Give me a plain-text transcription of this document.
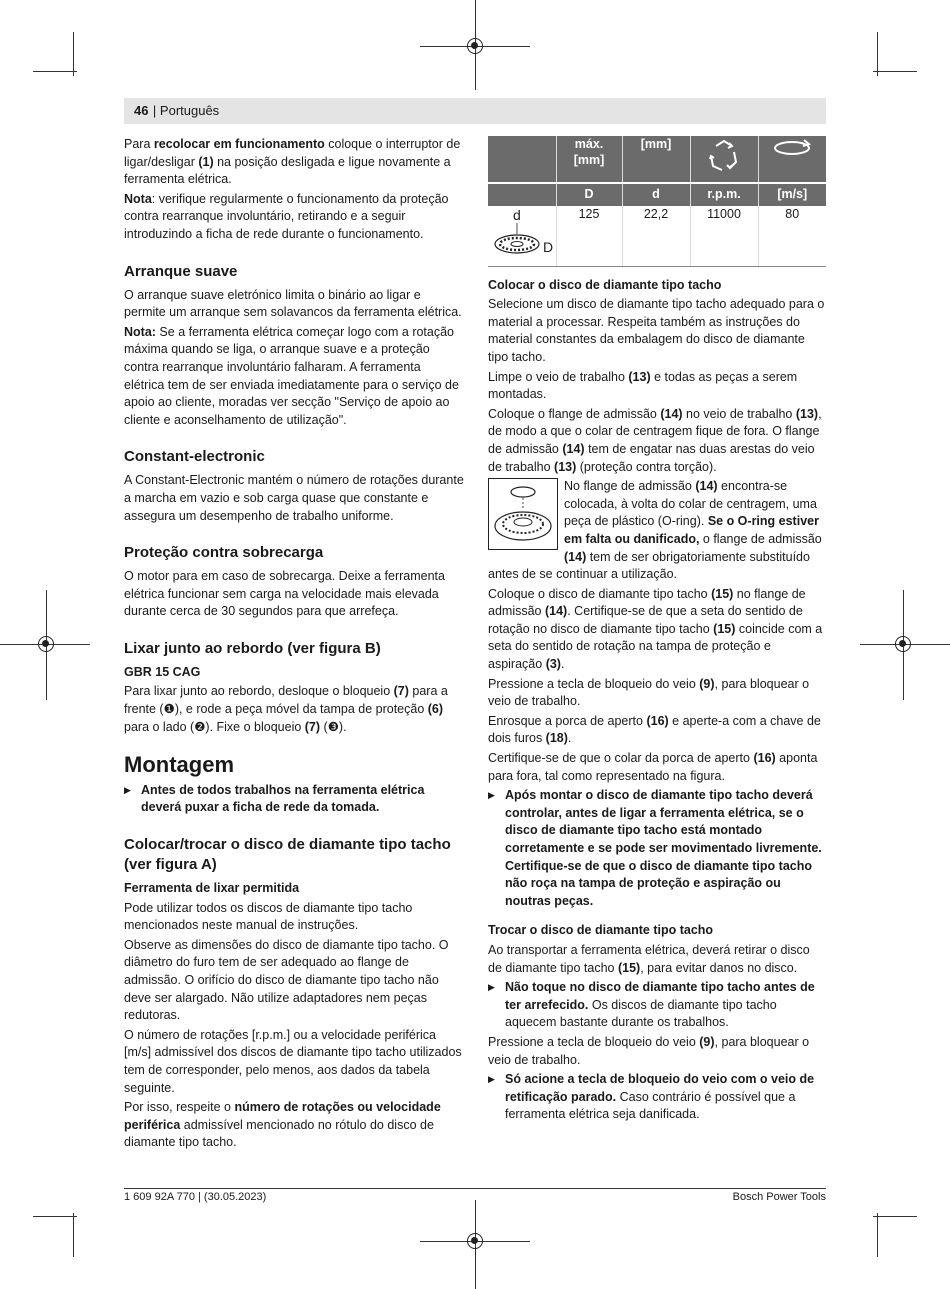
46 | Português

Para recolocar em funcionamento coloque o interruptor de ligar/desligar (1) na posição desligada e ligue novamente a ferramenta elétrica.

Nota: verifique regularmente o funcionamento da proteção contra rearranque involuntário, retirando e a seguir introduzindo a ficha de rede durante o funcionamento.

Arranque suave

O arranque suave eletrónico limita o binário ao ligar e permite um arranque sem solavancos da ferramenta elétrica.

Nota: Se a ferramenta elétrica começar logo com a rotação máxima quando se liga, o arranque suave e a proteção contra rearranque involuntário falharam. A ferramenta elétrica tem de ser enviada imediatamente para o serviço de apoio ao cliente, moradas ver secção "Serviço de apoio ao cliente e aconselhamento de utilização".

Constant-electronic

A Constant-Electronic mantém o número de rotações durante a marcha em vazio e sob carga quase que constante e assegura um desempenho de trabalho uniforme.

Proteção contra sobrecarga

O motor para em caso de sobrecarga. Deixe a ferramenta elétrica funcionar sem carga na velocidade mais elevada durante cerca de 30 segundos para que arrefeça.

Lixar junto ao rebordo (ver figura B)
GBR 15 CAG

Para lixar junto ao rebordo, desloque o bloqueio (7) para a frente (❶), e rode a peça móvel da tampa de proteção (6) para o lado (❷). Fixe o bloqueio (7) (❸).

Montagem

▶ Antes de todos trabalhos na ferramenta elétrica deverá puxar a ficha de rede da tomada.

Colocar/trocar o disco de diamante tipo tacho (ver figura A)
Ferramenta de lixar permitida

Pode utilizar todos os discos de diamante tipo tacho mencionados neste manual de instruções.

Observe as dimensões do disco de diamante tipo tacho. O diâmetro do furo tem de ser adequado ao flange de admissão. O orifício do disco de diamante tipo tacho não deve ser alargado. Não utilize adaptadores nem peças redutoras.

O número de rotações [r.p.m.] ou a velocidade periférica [m/s] admissível dos discos de diamante tipo tacho utilizados tem de corresponder, pelo menos, aos dados da tabela seguinte.

Por isso, respeite o número de rotações ou velocidade periférica admissível mencionado no rótulo do disco de diamante tipo tacho.

	máx. [mm]	[mm]		
	D	d	r.p.m.	[m/s]

d
D	125	22,2	11000	80
Colocar o disco de diamante tipo tacho

Selecione um disco de diamante tipo tacho adequado para o material a processar. Respeita também as instruções do material constantes da embalagem do disco de diamante tipo tacho.

Limpe o veio de trabalho (13) e todas as peças a serem montadas.

Coloque o flange de admissão (14) no veio de trabalho (13), de modo a que o colar de centragem fique de fora. O flange de admissão (14) tem de engatar nas duas arestas do veio de trabalho (13) (proteção contra torção).

No flange de admissão (14) encontra-se colocada, à volta do colar de centragem, uma peça de plástico (O-ring). Se o O-ring estiver em falta ou danificado, o flange de admissão (14) tem de ser obrigatoriamente substituído antes de se continuar a utilização.

Coloque o disco de diamante tipo tacho (15) no flange de admissão (14). Certifique-se de que a seta do sentido de rotação no disco de diamante tipo tacho (15) coincide com a seta do sentido de rotação na tampa de proteção e aspiração (3).

Pressione a tecla de bloqueio do veio (9), para bloquear o veio de trabalho.

Enrosque a porca de aperto (16) e aperte-a com a chave de dois furos (18).

Certifique-se de que o colar da porca de aperto (16) aponta para fora, tal como representado na figura.

▶ Após montar o disco de diamante tipo tacho deverá controlar, antes de ligar a ferramenta elétrica, se o disco de diamante tipo tacho está montado corretamente e se pode ser movimentado livremente. Certifique-se de que o disco de diamante tipo tacho não roça na tampa de proteção e aspiração ou noutras peças.

Trocar o disco de diamante tipo tacho

Ao transportar a ferramenta elétrica, deverá retirar o disco de diamante tipo tacho (15), para evitar danos no disco.

▶ Não toque no disco de diamante tipo tacho antes de ter arrefecido. Os discos de diamante tipo tacho aquecem bastante durante os trabalhos.

Pressione a tecla de bloqueio do veio (9), para bloquear o veio de trabalho.

▶ Só acione a tecla de bloqueio do veio com o veio de retificação parado. Caso contrário é possível que a ferramenta elétrica seja danificada.

1 609 92A 770 | (30.05.2023)	Bosch Power Tools
